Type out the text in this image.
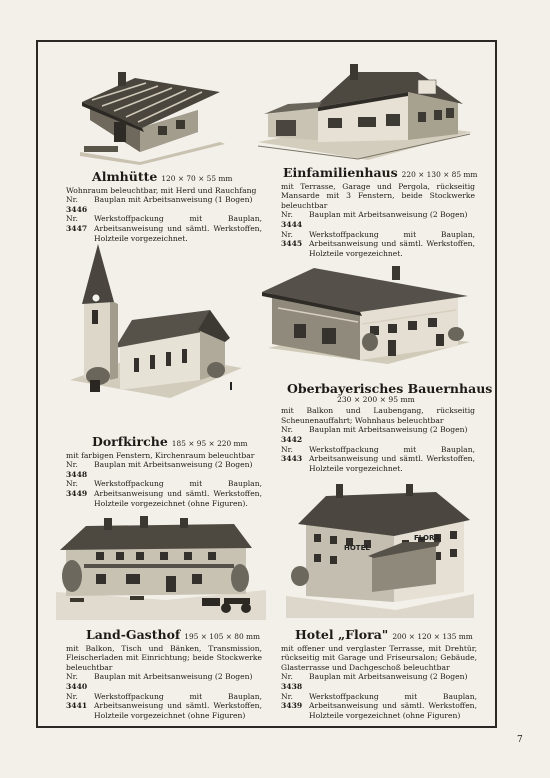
HOTEL
FLORA
Almhütte 120 × 70 × 55 mm
Wohnraum beleuchtbar, mit Herd und Rauchfang
Nr. 3446
Bauplan mit Arbeitsanweisung (1 Bogen)
Nr. 3447
Werkstoffpackung mit Bauplan, Arbeitsanweisung und sämtl. Werkstoffen, Holzteile vorgezeichnet.
Einfamilienhaus 220 × 130 × 85 mm
mit Terrasse, Garage und Pergola, rückseitig Mansarde mit 3 Fenstern, beide Stockwerke beleuchtbar
Nr. 3444
Bauplan mit Arbeitsanweisung (2 Bogen)
Nr. 3445
Werkstoffpackung mit Bauplan, Arbeitsanweisung und sämtl. Werkstoffen, Holzteile vorgezeichnet.
Oberbayerisches Bauernhaus
230 × 200 × 95 mm
mit Balkon und Laubengang, rückseitig Scheunenauffahrt; Wohnhaus beleuchtbar
Nr. 3442
Bauplan mit Arbeitsanweisung (2 Bogen)
Nr. 3443
Werkstoffpackung mit Bauplan, Arbeitsanweisung und sämtl. Werkstoffen, Holzteile vorgezeichnet.
Dorfkirche 185 × 95 × 220 mm
mit farbigen Fenstern, Kirchenraum beleuchtbar
Nr. 3448
Bauplan mit Arbeitsanweisung (2 Bogen)
Nr. 3449
Werkstoffpackung mit Bauplan, Arbeitsanweisung und sämtl. Werkstoffen, Holzteile vorgezeichnet (ohne Figuren).
Land-Gasthof 195 × 105 × 80 mm
mit Balkon, Tisch und Bänken, Transmission, Fleischerladen mit Einrichtung; beide Stockwerke beleuchtbar
Nr. 3440
Bauplan mit Arbeitsanweisung (2 Bogen)
Nr. 3441
Werkstoffpackung mit Bauplan, Arbeitsanweisung und sämtl. Werkstoffen, Holzteile vorgezeichnet (ohne Figuren)
Hotel „Flora" 200 × 120 × 135 mm
mit offener und verglaster Terrasse, mit Drehtür, rückseitig mit Garage und Friseursalon; Gebäude, Glasterrasse und Dachgeschoß beleuchtbar
Nr. 3438
Bauplan mit Arbeitsanweisung (2 Bogen)
Nr. 3439
Werkstoffpackung mit Bauplan, Arbeitsanweisung und sämtl. Werkstoffen, Holzteile vorgezeichnet (ohne Figuren)
7
